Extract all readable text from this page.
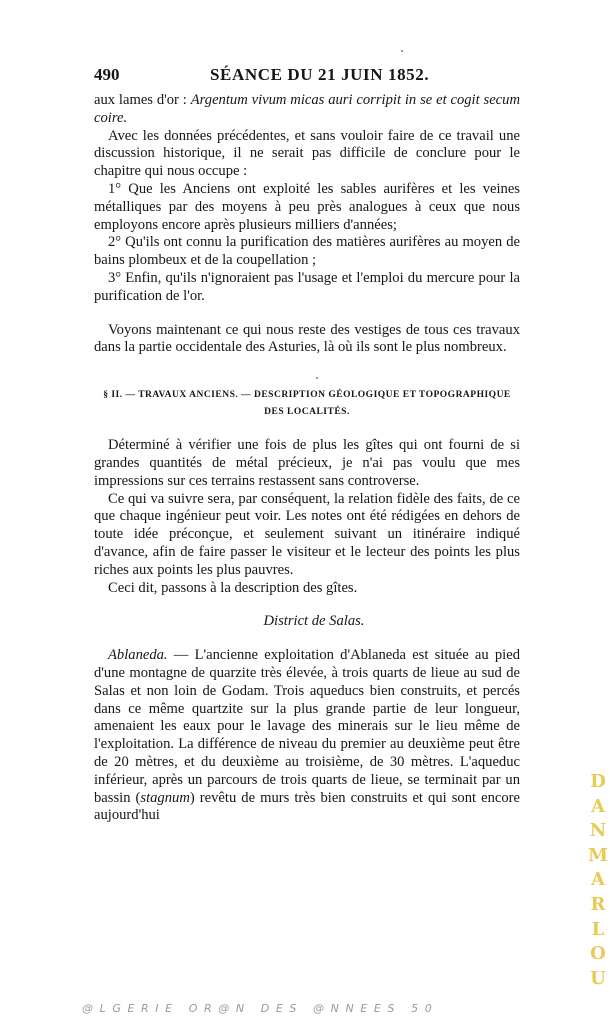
490	SÉANCE DU 21 JUIN 1852.

aux lames d'or : Argentum vivum micas auri corripit in se et cogit secum coire.

Avec les données précédentes, et sans vouloir faire de ce travail une discussion historique, il ne serait pas difficile de conclure pour le chapitre qui nous occupe :

1° Que les Anciens ont exploité les sables aurifères et les veines métalliques par des moyens à peu près analogues à ceux que nous employons encore après plusieurs milliers d'années;

2° Qu'ils ont connu la purification des matières aurifères au moyen de bains plombeux et de la coupellation ;

3° Enfin, qu'ils n'ignoraient pas l'usage et l'emploi du mercure pour la purification de l'or.

Voyons maintenant ce qui nous reste des vestiges de tous ces travaux dans la partie occidentale des Asturies, là où ils sont le plus nombreux.

§ II. — TRAVAUX ANCIENS. — DESCRIPTION GÉOLOGIQUE ET TOPOGRAPHIQUE
DES LOCALITÉS.

Déterminé à vérifier une fois de plus les gîtes qui ont fourni de si grandes quantités de métal précieux, je n'ai pas voulu que mes impressions sur ces terrains restassent sans controverse.

Ce qui va suivre sera, par conséquent, la relation fidèle des faits, de ce que chaque ingénieur peut voir. Les notes ont été rédigées en dehors de toute idée préconçue, et seulement suivant un itinéraire indiqué d'avance, afin de faire passer le visiteur et le lecteur des points les plus riches aux points les plus pauvres.

Ceci dit, passons à la description des gîtes.

District de Salas.

Ablaneda. — L'ancienne exploitation d'Ablaneda est située au pied d'une montagne de quarzite très élevée, à trois quarts de lieue au sud de Salas et non loin de Godam. Trois aqueducs bien construits, et percés dans ce même quartzite sur la plus grande partie de leur longueur, amenaient les eaux pour le lavage des minerais sur le lieu même de l'exploitation. La différence de niveau du premier au deuxième peut être de 20 mètres, et du deuxième au troisième, de 30 mètres. L'aqueduc inférieur, après un parcours de trois quarts de lieue, se terminait par un bassin (stagnum) revêtu de murs très bien construits et qui sont encore aujourd'hui

D
A
N
M
A
R
L
O
U
@LGERIE OR@N DES @NNEES 50
